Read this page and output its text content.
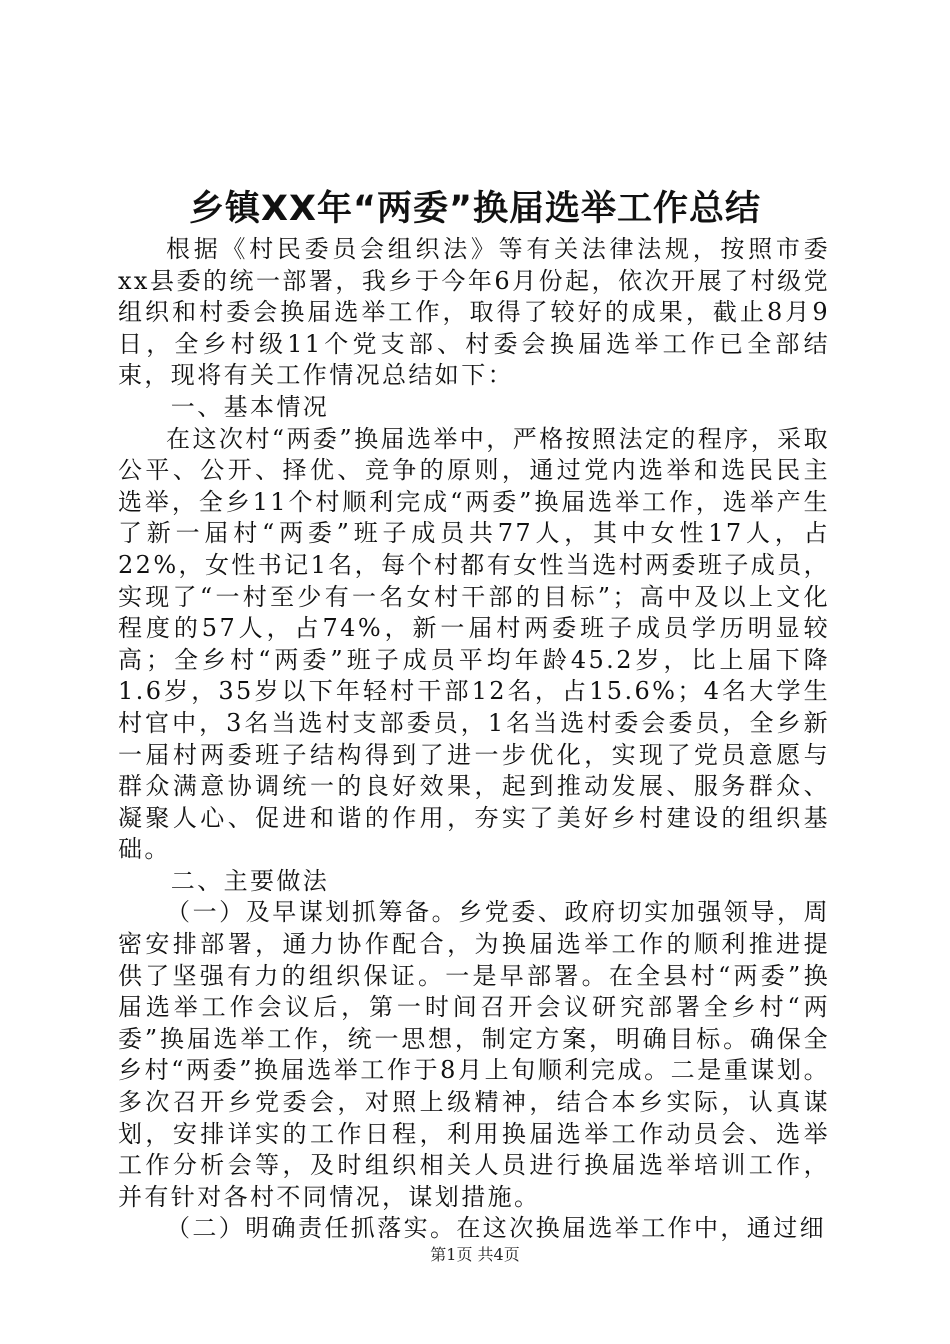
乡镇XX年“两委”换届选举工作总结

根据《村民委员会组织法》等有关法律法规，按照市委xx县委的统一部署，我乡于今年6月份起，依次开展了村级党组织和村委会换届选举工作，取得了较好的成果，截止8月9日，全乡村级11个党支部、村委会换届选举工作已全部结束，现将有关工作情况总结如下：

一、基本情况

在这次村“两委”换届选举中，严格按照法定的程序，采取公平、公开、择优、竞争的原则，通过党内选举和选民民主选举，全乡11个村顺利完成“两委”换届选举工作，选举产生了新一届村“两委”班子成员共77人，其中女性17人，占22%，女性书记1名，每个村都有女性当选村两委班子成员，实现了“一村至少有一名女村干部的目标”；高中及以上文化程度的57人，占74%，新一届村两委班子成员学历明显较高；全乡村“两委”班子成员平均年龄45.2岁，比上届下降1.6岁，35岁以下年轻村干部12名，占15.6%；4名大学生村官中，3名当选村支部委员，1名当选村委会委员，全乡新一届村两委班子结构得到了进一步优化，实现了党员意愿与群众满意协调统一的良好效果，起到推动发展、服务群众、凝聚人心、促进和谐的作用，夯实了美好乡村建设的组织基础。

二、主要做法

（一）及早谋划抓筹备。乡党委、政府切实加强领导，周密安排部署，通力协作配合，为换届选举工作的顺利推进提供了坚强有力的组织保证。一是早部署。在全县村“两委”换届选举工作会议后，第一时间召开会议研究部署全乡村“两委”换届选举工作，统一思想，制定方案，明确目标。确保全乡村“两委”换届选举工作于8月上旬顺利完成。二是重谋划。多次召开乡党委会，对照上级精神，结合本乡实际，认真谋划，安排详实的工作日程，利用换届选举工作动员会、选举工作分析会等，及时组织相关人员进行换届选举培训工作，并有针对各村不同情况，谋划措施。

（二）明确责任抓落实。在这次换届选举工作中，通过细

第1页 共4页
